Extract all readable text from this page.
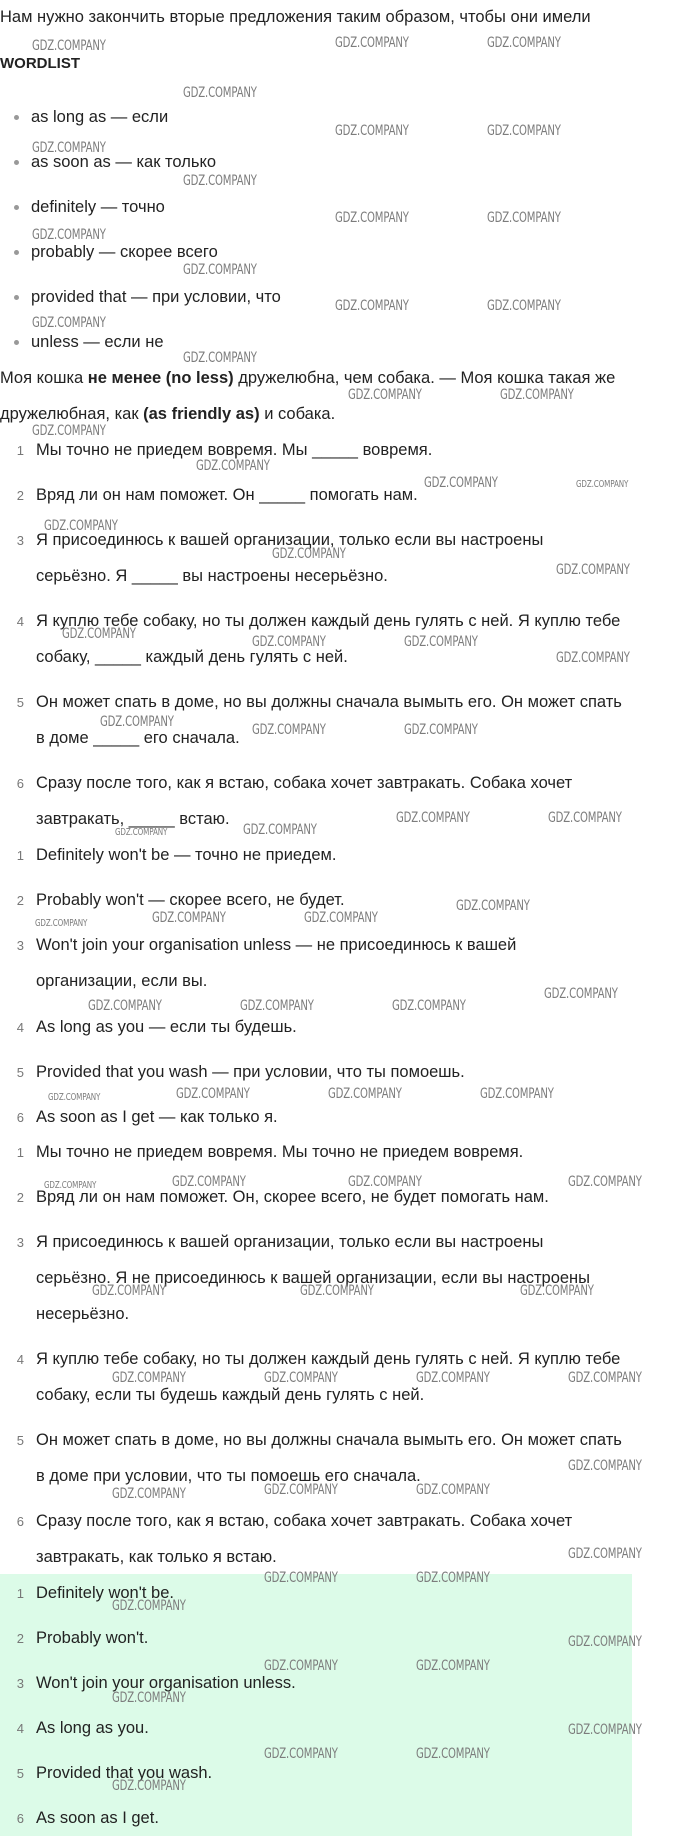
Нам нужно закончить вторые предложения таким образом, чтобы они имели
WORDLIST
as long as — если
as soon as — как только
definitely — точно
probably — скорее всего
provided that — при условии, что
unless — если не
Моя кошка не менее (no less) дружелюбна, чем собака. — Моя кошка такая же
дружелюбная, как (as friendly as) и собака.
1 Мы точно не приедем вовремя. Мы _____ вовремя.
2 Вряд ли он нам поможет. Он _____ помогать нам.
3 Я присоединюсь к вашей организации, только если вы настроены
серьёзно. Я _____ вы настроены несерьёзно.
4 Я куплю тебе собаку, но ты должен каждый день гулять с ней. Я куплю тебе
собаку, _____ каждый день гулять с ней.
5 Он может спать в доме, но вы должны сначала вымыть его. Он может спать
в доме _____ его сначала.
6 Сразу после того, как я встаю, собака хочет завтракать. Собака хочет
завтракать, _____ встаю.
1 Definitely won't be — точно не приедем.
2 Probably won't — скорее всего, не будет.
3 Won't join your organisation unless — не присоединюсь к вашей
организации, если вы.
4 As long as you — если ты будешь.
5 Provided that you wash — при условии, что ты помоешь.
6 As soon as I get — как только я.
1 Мы точно не приедем вовремя. Мы точно не приедем вовремя.
2 Вряд ли он нам поможет. Он, скорее всего, не будет помогать нам.
3 Я присоединюсь к вашей организации, только если вы настроены
серьёзно. Я не присоединюсь к вашей организации, если вы настроены
несерьёзно.
4 Я куплю тебе собаку, но ты должен каждый день гулять с ней. Я куплю тебе
собаку, если ты будешь каждый день гулять с ней.
5 Он может спать в доме, но вы должны сначала вымыть его. Он может спать
в доме при условии, что ты помоешь его сначала.
6 Сразу после того, как я встаю, собака хочет завтракать. Собака хочет
завтракать, как только я встаю.
1 Definitely won't be.
2 Probably won't.
3 Won't join your organisation unless.
4 As long as you.
5 Provided that you wash.
6 As soon as I get.
GDZ.COMPANY	GDZ.COMPANY	GDZ.COMPANY
GDZ.COMPANY
GDZ.COMPANY	GDZ.COMPANY
GDZ.COMPANY
GDZ.COMPANY
GDZ.COMPANY	GDZ.COMPANY
GDZ.COMPANY
GDZ.COMPANY
GDZ.COMPANY	GDZ.COMPANY
GDZ.COMPANY
GDZ.COMPANY
GDZ.COMPANY	GDZ.COMPANY
GDZ.COMPANY
GDZ.COMPANY
GDZ.COMPANY	GDZ.COMPANY
GDZ.COMPANY
GDZ.COMPANY
GDZ.COMPANY
GDZ.COMPANY	GDZ.COMPANY	GDZ.COMPANY
GDZ.COMPANY
GDZ.COMPANY	GDZ.COMPANY	GDZ.COMPANY
GDZ.COMPANY	GDZ.COMPANY
GDZ.COMPANY	GDZ.COMPANY
GDZ.COMPANY
GDZ.COMPANY	GDZ.COMPANY	GDZ.COMPANY
GDZ.COMPANY
GDZ.COMPANY	GDZ.COMPANY	GDZ.COMPANY
GDZ.COMPANY	GDZ.COMPANY	GDZ.COMPANY	GDZ.COMPANY
GDZ.COMPANY	GDZ.COMPANY	GDZ.COMPANY	GDZ.COMPANY
GDZ.COMPANY	GDZ.COMPANY	GDZ.COMPANY
GDZ.COMPANY	GDZ.COMPANY	GDZ.COMPANY	GDZ.COMPANY
GDZ.COMPANY
GDZ.COMPANY	GDZ.COMPANY	GDZ.COMPANY
GDZ.COMPANY
GDZ.COMPANY	GDZ.COMPANY
GDZ.COMPANY
GDZ.COMPANY
GDZ.COMPANY	GDZ.COMPANY
GDZ.COMPANY
GDZ.COMPANY
GDZ.COMPANY	GDZ.COMPANY
GDZ.COMPANY
